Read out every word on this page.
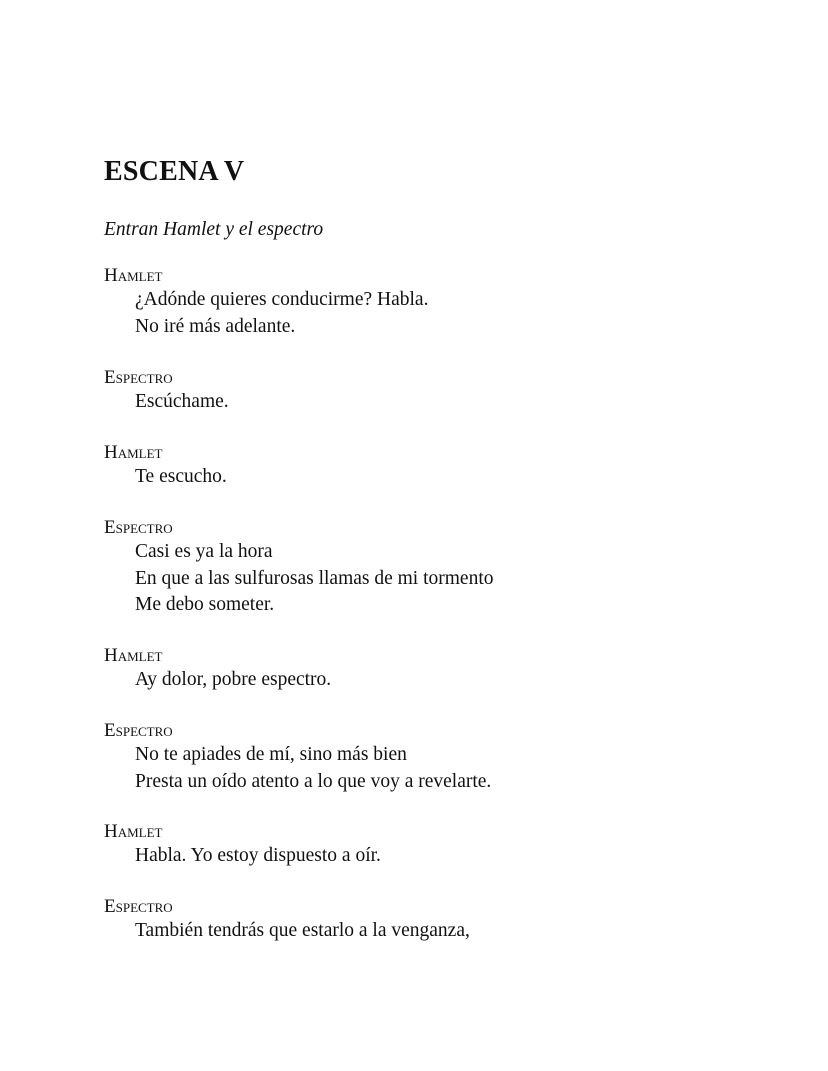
ESCENA V

Entran Hamlet y el espectro

Hamlet
¿Adónde quieres conducirme? Habla.
No iré más adelante.
Espectro
Escúchame.
Hamlet
Te escucho.
Espectro
Casi es ya la hora
En que a las sulfurosas llamas de mi tormento
Me debo someter.
Hamlet
Ay dolor, pobre espectro.
Espectro
No te apiades de mí, sino más bien
Presta un oído atento a lo que voy a revelarte.
Hamlet
Habla. Yo estoy dispuesto a oír.
Espectro
También tendrás que estarlo a la venganza,
